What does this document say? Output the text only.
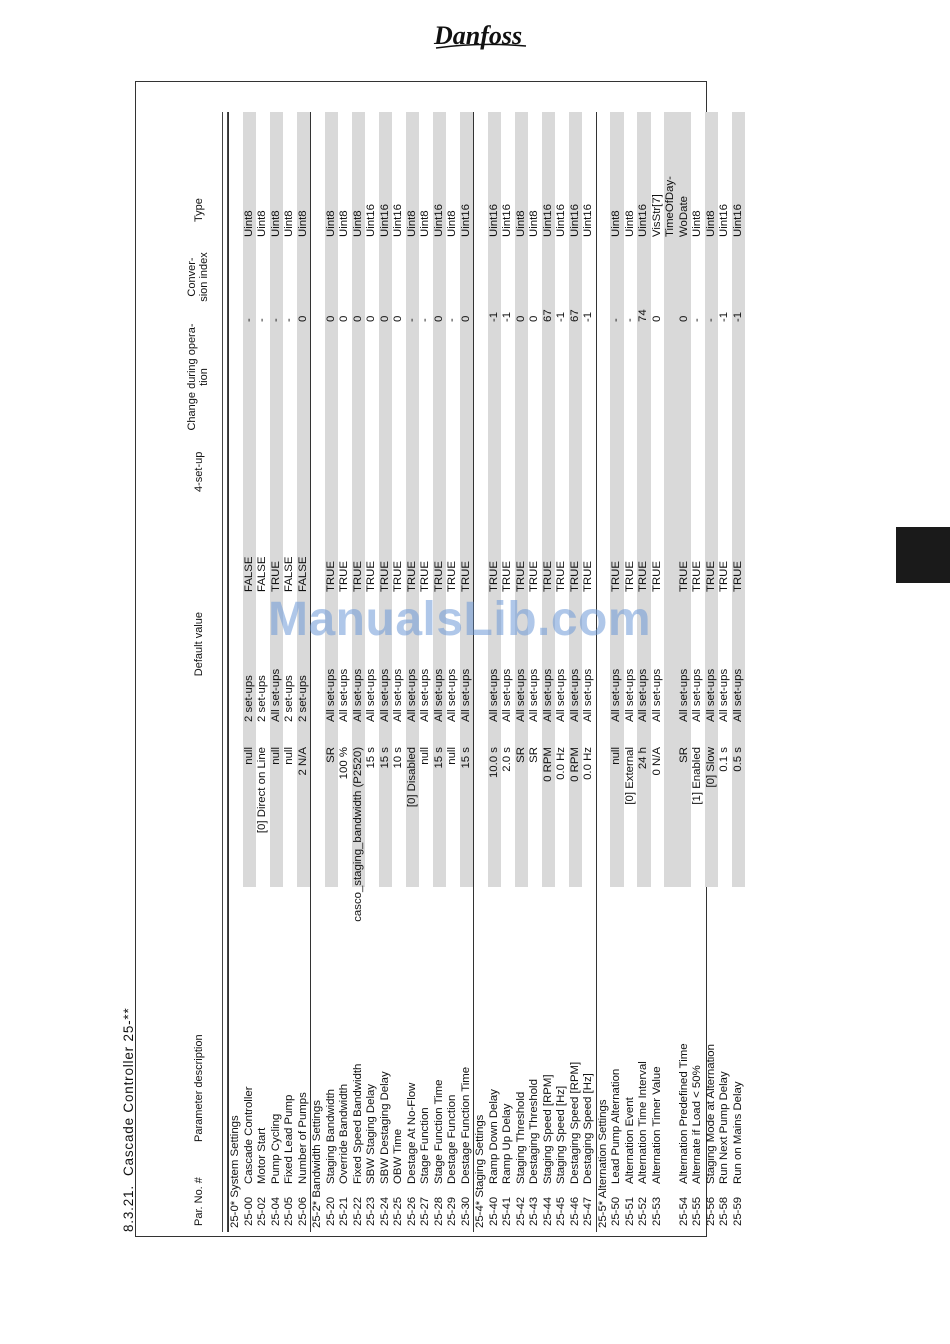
Danfoss
8.3.21.  Cascade Controller 25-**
Par. No. #
Parameter description
Default value
4-set-up
Change during opera- tion
Conver- sion index
Type
25-0* System Settings 25-00
Cascade Controller
null
2 set-ups
FALSE
-
Uint8
25-02
Motor Start
[0] Direct on Line
2 set-ups
FALSE
-
Uint8
25-04
Pump Cycling
null
All set-ups
TRUE
-
Uint8
25-05
Fixed Lead Pump
null
2 set-ups
FALSE
-
Uint8
25-06
Number of Pumps
2 N/A
2 set-ups
FALSE
0
Uint8
25-2* Bandwidth Settings 25-20
Staging Bandwidth
SR
All set-ups
TRUE
0
Uint8
25-21
Override Bandwidth
100 %
All set-ups
TRUE
0
Uint8
25-22
Fixed Speed Bandwidth
casco_staging_bandwidth (P2520)
All set-ups
TRUE
0
Uint8
25-23
SBW Staging Delay
15 s
All set-ups
TRUE
0
Uint16
25-24
SBW Destaging Delay
15 s
All set-ups
TRUE
0
Uint16
25-25
OBW Time
10 s
All set-ups
TRUE
0
Uint16
25-26
Destage At No-Flow
[0] Disabled
All set-ups
TRUE
-
Uint8
25-27
Stage Function
null
All set-ups
TRUE
-
Uint8
25-28
Stage Function Time
15 s
All set-ups
TRUE
0
Uint16
25-29
Destage Function
null
All set-ups
TRUE
-
Uint8
25-30
Destage Function Time
15 s
All set-ups
TRUE
0
Uint16
25-4* Staging Settings 25-40
Ramp Down Delay
10.0 s
All set-ups
TRUE
-1
Uint16
25-41
Ramp Up Delay
2.0 s
All set-ups
TRUE
-1
Uint16
25-42
Staging Threshold
SR
All set-ups
TRUE
0
Uint8
25-43
Destaging Threshold
SR
All set-ups
TRUE
0
Uint8
25-44
Staging Speed [RPM]
0 RPM
All set-ups
TRUE
67
Uint16
25-45
Staging Speed [Hz]
0.0 Hz
All set-ups
TRUE
-1
Uint16
25-46
Destaging Speed [RPM]
0 RPM
All set-ups
TRUE
67
Uint16
25-47
Destaging Speed [Hz]
0.0 Hz
All set-ups
TRUE
-1
Uint16
25-5* Alternation Settings 25-50
Lead Pump Alternation
null
All set-ups
TRUE
-
Uint8
25-51
Alternation Event
[0] External
All set-ups
TRUE
-
Uint8
25-52
Alternation Time Interval
24 h
All set-ups
TRUE
74
Uint16
25-53
Alternation Timer Value
0 N/A
All set-ups
TRUE
0
VisStr[7] TimeOfDay-
25-54
Alternation Predefined Time
SR
All set-ups
TRUE
0
WoDate
25-55
Alternate if Load < 50%
[1] Enabled
All set-ups
TRUE
-
Uint8
25-56
Staging Mode at Alternation
[0] Slow
All set-ups
TRUE
-
Uint8
25-58
Run Next Pump Delay
0.1 s
All set-ups
TRUE
-1
Uint16
25-59
Run on Mains Delay
0.5 s
All set-ups
TRUE
-1
Uint16
ManualsLib.com
